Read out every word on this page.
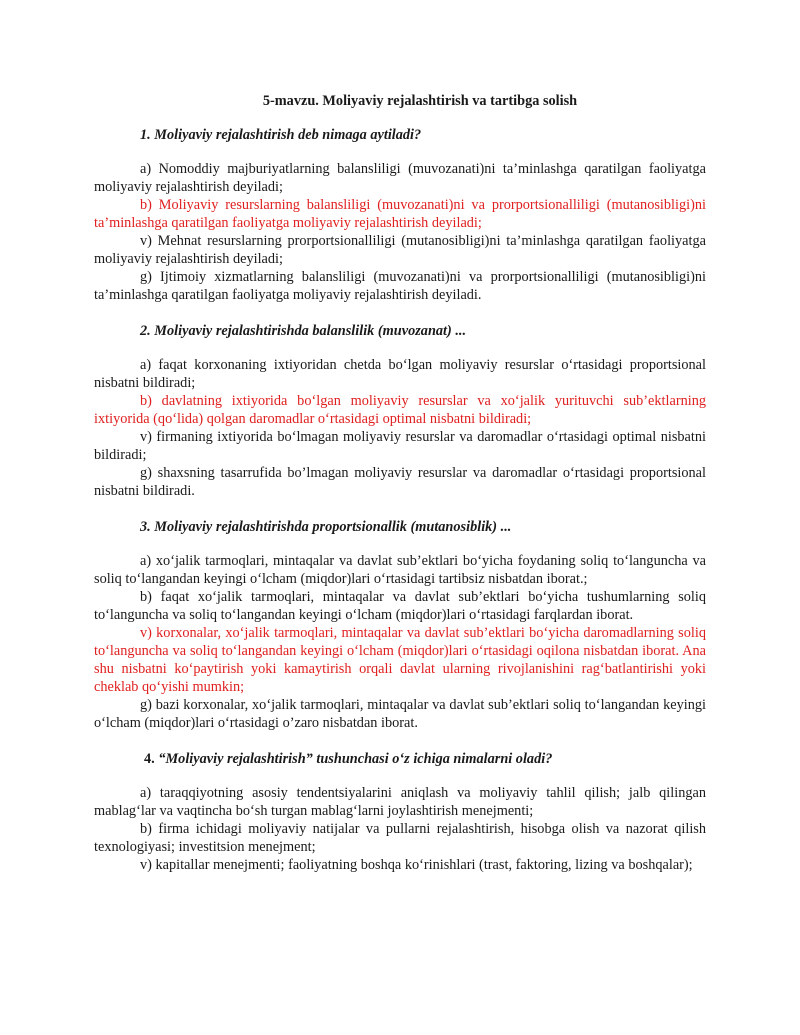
5-mavzu. Moliyaviy rejalashtirish va tartibga solish

1. Moliyaviy rejalashtirish deb nimaga aytiladi?

a) Nomoddiy majburiyatlarning balansliligi (muvozanati)ni ta’minlashga qaratilgan faoliyatga moliyaviy rejalashtirish deyiladi;

b) Moliyaviy resurslarning balansliligi (muvozanati)ni va prorportsionalliligi (mutanosibligi)ni ta’minlashga qaratilgan faoliyatga moliyaviy rejalashtirish deyiladi;

v) Mehnat resurslarning prorportsionalliligi (mutanosibligi)ni ta’minlashga qaratilgan faoliyatga moliyaviy rejalashtirish deyiladi;

g) Ijtimoiy xizmatlarning balansliligi (muvozanati)ni va prorportsionalliligi (mutanosibligi)ni ta’minlashga qaratilgan faoliyatga moliyaviy rejalashtirish deyiladi.

2. Moliyaviy rejalashtirishda balanslilik (muvozanat) ...

a) faqat korxonaning ixtiyoridan chetda bo‘lgan moliyaviy resurslar o‘rtasidagi proportsional nisbatni bildiradi;

b) davlatning ixtiyorida bo‘lgan moliyaviy resurslar va xo‘jalik yurituvchi sub’ektlarning ixtiyorida (qo‘lida) qolgan daromadlar o‘rtasidagi optimal nisbatni bildiradi;

v) firmaning ixtiyorida bo‘lmagan moliyaviy resurslar va daromadlar o‘rtasidagi optimal nisbatni bildiradi;

g) shaxsning tasarrufida bo’lmagan moliyaviy resurslar va daromadlar o‘rtasidagi proportsional nisbatni bildiradi.

3. Moliyaviy rejalashtirishda proportsionallik (mutanosiblik) ...

a) xo‘jalik tarmoqlari, mintaqalar va davlat sub’ektlari bo‘yicha foydaning soliq to‘languncha va soliq to‘langandan keyingi o‘lcham (miqdor)lari o‘rtasidagi tartibsiz nisbatdan iborat.;

b) faqat xo‘jalik tarmoqlari, mintaqalar va davlat sub’ektlari bo‘yicha tushumlarning soliq to‘languncha va soliq to‘langandan keyingi o‘lcham (miqdor)lari o‘rtasidagi farqlardan iborat.

v) korxonalar, xo‘jalik tarmoqlari, mintaqalar va davlat sub’ektlari bo‘yicha daromadlarning soliq to‘languncha va soliq to‘langandan keyingi o‘lcham (miqdor)lari o‘rtasidagi oqilona nisbatdan iborat. Ana shu nisbatni ko‘paytirish yoki kamaytirish orqali davlat ularning rivojlanishini rag‘batlantirishi yoki cheklab qo‘yishi mumkin;

g) bazi korxonalar, xo‘jalik tarmoqlari, mintaqalar va davlat sub’ektlari soliq to‘langandan keyingi o‘lcham (miqdor)lari o‘rtasidagi o’zaro nisbatdan iborat.

4. “Moliyaviy rejalashtirish” tushunchasi o‘z ichiga nimalarni oladi?

a) taraqqiyotning asosiy tendentsiyalarini aniqlash va moliyaviy tahlil qilish; jalb qilingan mablag‘lar va vaqtincha bo‘sh turgan mablag‘larni joylashtirish menejmenti;

b) firma ichidagi moliyaviy natijalar va pullarni rejalashtirish, hisobga olish va nazorat qilish texnologiyasi; investitsion menejment;

v) kapitallar menejmenti; faoliyatning boshqa ko‘rinishlari (trast, faktoring, lizing va boshqalar);
